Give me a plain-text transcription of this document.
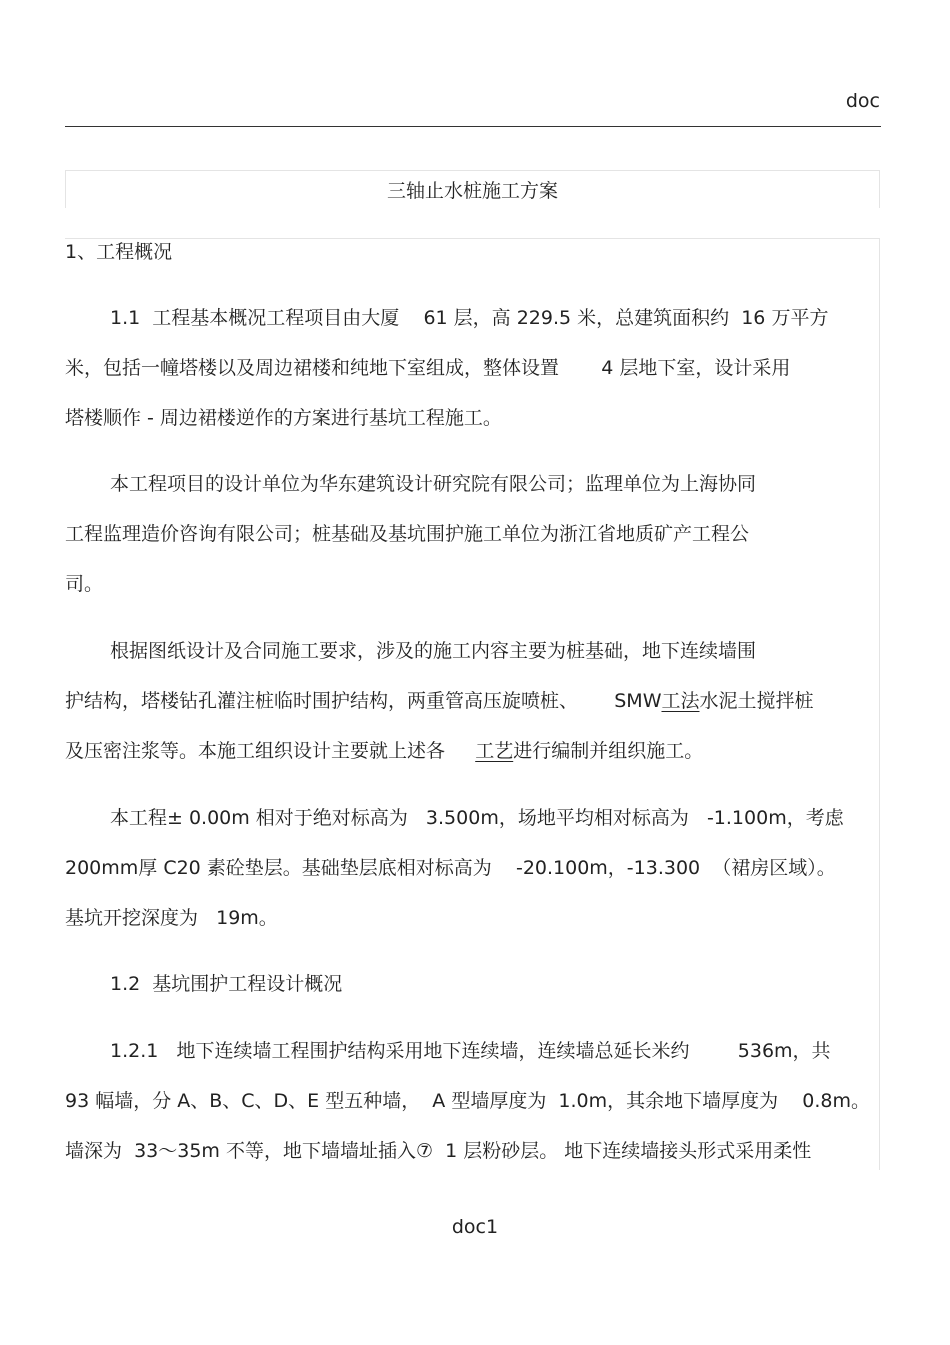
doc
三轴止水桩施工方案
1、工程概况
1.1  工程基本概况工程项目由大厦    61 层，高 229.5 米，总建筑面积约  16 万平方
米，包括一幢塔楼以及周边裙楼和纯地下室组成，整体设置       4 层地下室，设计采用
塔楼顺作 - 周边裙楼逆作的方案进行基坑工程施工。
本工程项目的设计单位为华东建筑设计研究院有限公司；监理单位为上海协同
工程监理造价咨询有限公司；桩基础及基坑围护施工单位为浙江省地质矿产工程公
司。
根据图纸设计及合同施工要求，涉及的施工内容主要为桩基础，地下连续墙围
护结构，塔楼钻孔灌注桩临时围护结构，两重管高压旋喷桩、      SMW工法水泥土搅拌桩
及压密注浆等。本施工组织设计主要就上述各     工艺进行编制并组织施工。
本工程± 0.00m 相对于绝对标高为   3.500m，场地平均相对标高为   -1.100m，考虑
200mm厚 C20 素砼垫层。基础垫层底相对标高为    -20.100m，-13.300  （裙房区域）。
基坑开挖深度为   19m。
1.2  基坑围护工程设计概况
1.2.1   地下连续墙工程围护结构采用地下连续墙，连续墙总延长米约        536m，共
93 幅墙，分 A、B、C、D、E 型五种墙，  A 型墙厚度为  1.0m，其余地下墙厚度为    0.8m。
墙深为  33～35m 不等，地下墙墙址插入⑦  1 层粉砂层。 地下连续墙接头形式采用柔性
doc1
